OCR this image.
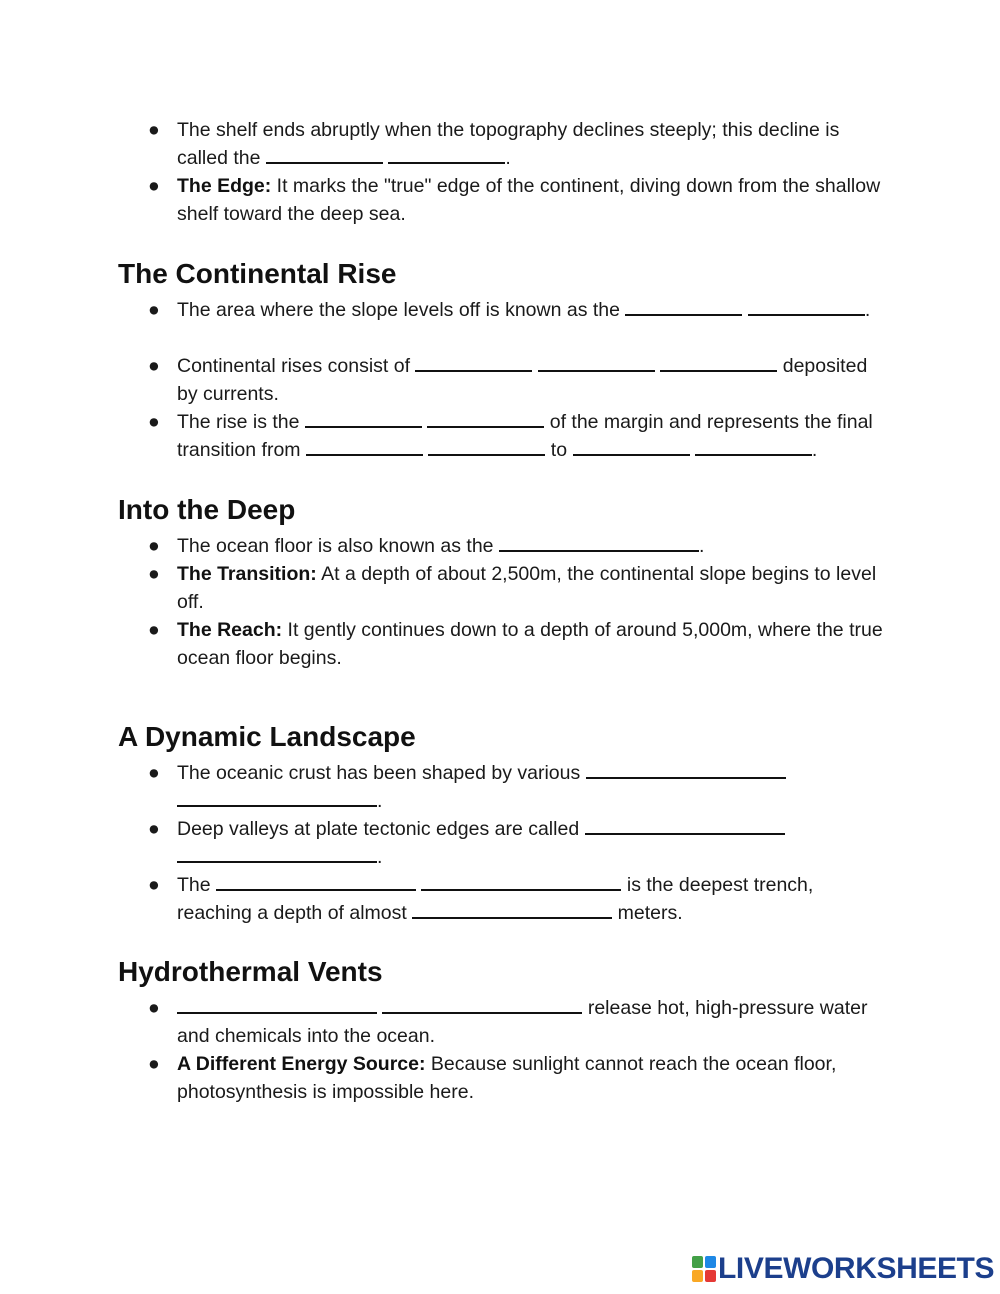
● The shelf ends abruptly when the topography declines steeply; this decline is called the	.
● The Edge: It marks the "true" edge of the continent, diving down from the shallow shelf toward the deep sea.
The Continental Rise
● The area where the slope levels off is known as the	.
● Continental rises consist of	deposited by currents.
● The rise is the	of the margin and represents the final transition from	to	.
Into the Deep
● The ocean floor is also known as the	.
● The Transition: At a depth of about 2,500m, the continental slope begins to level off.
● The Reach: It gently continues down to a depth of around 5,000m, where the true ocean floor begins.
A Dynamic Landscape
● The oceanic crust has been shaped by various  .
● Deep valleys at plate tectonic edges are called  .
● The	is the deepest trench, reaching a depth of almost	meters.
Hydrothermal Vents
●	release hot, high-pressure water and chemicals into the ocean.
● A Different Energy Source: Because sunlight cannot reach the ocean floor, photosynthesis is impossible here.
LIVEWORKSHEETS
